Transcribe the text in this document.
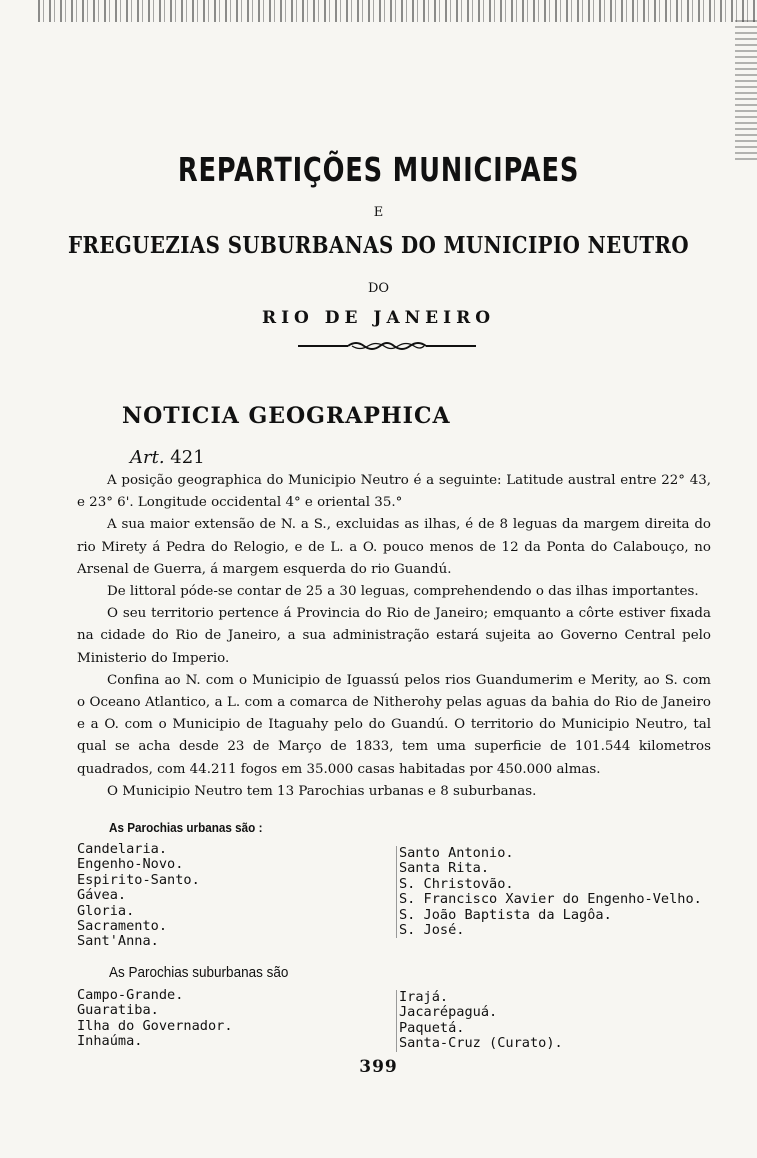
REPARTIÇÕES MUNICIPAES
E
FREGUEZIAS SUBURBANAS DO MUNICIPIO NEUTRO
DO
RIO DE JANEIRO
NOTICIA GEOGRAPHICA
Art. 421

A posição geographica do Municipio Neutro é a seguinte: Latitude austral entre 22° 43, e 23° 6'. Longitude occidental 4° e oriental 35.°

A sua maior extensão de N. a S., excluidas as ilhas, é de 8 leguas da margem direita do rio Mirety á Pedra do Relogio, e de L. a O. pouco menos de 12 da Ponta do Calabouço, no Arsenal de Guerra, á margem esquerda do rio Guandú.

De littoral póde-se contar de 25 a 30 leguas, comprehendendo o das ilhas importantes.

O seu territorio pertence á Provincia do Rio de Janeiro; emquanto a côrte estiver fixada na cidade do Rio de Janeiro, a sua administração estará sujeita ao Governo Central pelo Ministerio do Imperio.

Confina ao N. com o Municipio de Iguassú pelos rios Guandumerim e Merity, ao S. com o Oceano Atlantico, a L. com a comarca de Nitherohy pelas aguas da bahia do Rio de Janeiro e a O. com o Municipio de Itaguahy pelo do Guandú. O territorio do Municipio Neutro, tal qual se acha desde 23 de Março de 1833, tem uma superficie de 101.544 kilometros quadrados, com 44.211 fogos em 35.000 casas habitadas por 450.000 almas.

O Municipio Neutro tem 13 Parochias urbanas e 8 suburbanas.

As Parochias urbanas são :
Candelaria.
Engenho-Novo.
Espirito-Santo.
Gávea.
Gloria.
Sacramento.
Sant'Anna.
Santo Antonio.
Santa Rita.
S. Christovão.
S. Francisco Xavier do Engenho-Velho.
S. João Baptista da Lagôa.
S. José.
As Parochias suburbanas são
Campo-Grande.
Guaratiba.
Ilha do Governador.
Inhaúma.
Irajá.
Jacarépaguá.
Paquetá.
Santa-Cruz (Curato).
399
